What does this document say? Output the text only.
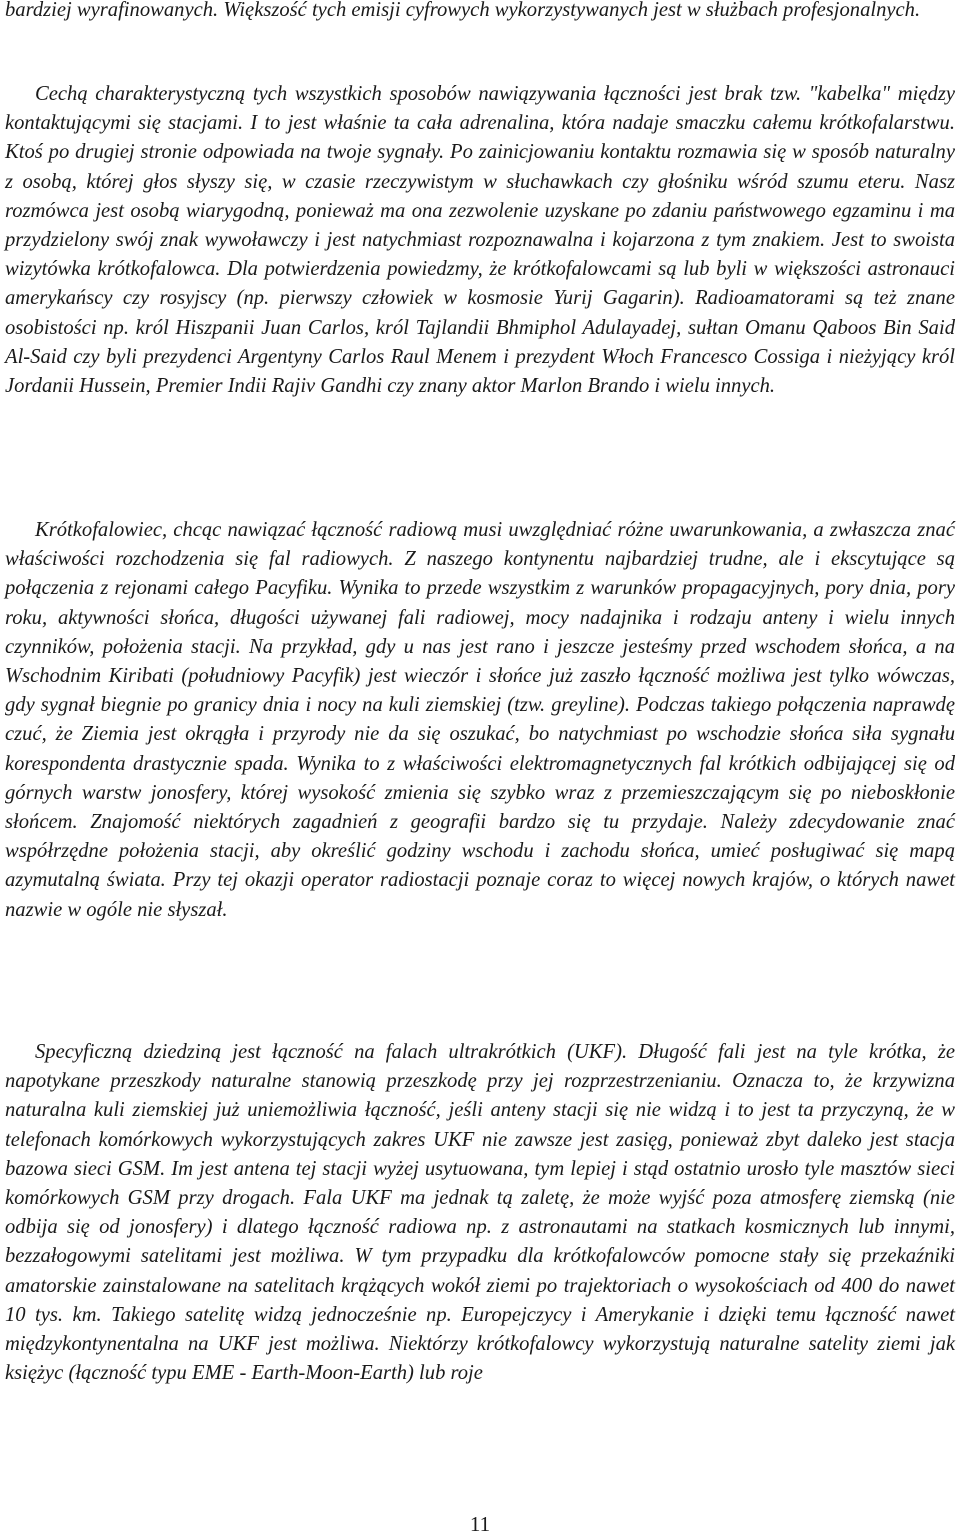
bardziej wyrafinowanych. Większość tych emisji cyfrowych wykorzystywanych jest w służbach profesjonalnych.

Cechą charakterystyczną tych wszystkich sposobów nawiązywania łączności jest brak tzw. "kabelka" między kontaktującymi się stacjami. I to jest właśnie ta cała adrenalina, która nadaje smaczku całemu krótkofalarstwu. Ktoś po drugiej stronie odpowiada na twoje sygnały. Po zainicjowaniu kontaktu rozmawia się w sposób naturalny z osobą, której głos słyszy się, w czasie rzeczywistym w słuchawkach czy głośniku wśród szumu eteru. Nasz rozmówca jest osobą wiarygodną, ponieważ ma ona zezwolenie uzyskane po zdaniu państwowego egzaminu i ma przydzielony swój znak wywoławczy i jest natychmiast rozpoznawalna i kojarzona z tym znakiem. Jest to swoista wizytówka krótkofalowca. Dla potwierdzenia powiedzmy, że krótkofalowcami są lub byli w większości astronauci amerykańscy czy rosyjscy (np. pierwszy człowiek w kosmosie Yurij Gagarin). Radioamatorami są też znane osobistości np. król Hiszpanii Juan Carlos, król Tajlandii Bhmiphol Adulayadej, sułtan Omanu Qaboos Bin Said Al-Said czy byli prezydenci Argentyny Carlos Raul Menem i prezydent Włoch Francesco Cossiga i nieżyjący król Jordanii Hussein, Premier Indii Rajiv Gandhi czy znany aktor Marlon Brando i wielu innych.

Krótkofalowiec, chcąc nawiązać łączność radiową musi uwzględniać różne uwarunkowania, a zwłaszcza znać właściwości rozchodzenia się fal radiowych. Z naszego kontynentu najbardziej trudne, ale i ekscytujące są połączenia z rejonami całego Pacyfiku. Wynika to przede wszystkim z warunków propagacyjnych, pory dnia, pory roku, aktywności słońca, długości używanej fali radiowej, mocy nadajnika i rodzaju anteny i wielu innych czynników, położenia stacji. Na przykład, gdy u nas jest rano i jeszcze jesteśmy przed wschodem słońca, a na Wschodnim Kiribati (południowy Pacyfik) jest wieczór i słońce już zaszło łączność możliwa jest tylko wówczas, gdy sygnał biegnie po granicy dnia i nocy na kuli ziemskiej (tzw. greyline). Podczas takiego połączenia naprawdę czuć, że Ziemia jest okrągła i przyrody nie da się oszukać, bo natychmiast po wschodzie słońca siła sygnału korespondenta drastycznie spada. Wynika to z właściwości elektromagnetycznych fal krótkich odbijającej się od górnych warstw jonosfery, której wysokość zmienia się szybko wraz z przemieszczającym się po nieboskłonie słońcem. Znajomość niektórych zagadnień z geografii bardzo się tu przydaje. Należy zdecydowanie znać współrzędne położenia stacji, aby określić godziny wschodu i zachodu słońca, umieć posługiwać się mapą azymutalną świata. Przy tej okazji operator radiostacji poznaje coraz to więcej nowych krajów, o których nawet nazwie w ogóle nie słyszał.

Specyficzną dziedziną jest łączność na falach ultrakrótkich (UKF). Długość fali jest na tyle krótka, że napotykane przeszkody naturalne stanowią przeszkodę przy jej rozprzestrzenianiu. Oznacza to, że krzywizna naturalna kuli ziemskiej już uniemożliwia łączność, jeśli anteny stacji się nie widzą i to jest ta przyczyną, że w telefonach komórkowych wykorzystujących zakres UKF nie zawsze jest zasięg, ponieważ zbyt daleko jest stacja bazowa sieci GSM. Im jest antena tej stacji wyżej usytuowana, tym lepiej i stąd ostatnio urosło tyle masztów sieci komórkowych GSM przy drogach. Fala UKF ma jednak tą zaletę, że może wyjść poza atmosferę ziemską (nie odbija się od jonosfery) i dlatego łączność radiowa np. z astronautami na statkach kosmicznych lub innymi, bezzałogowymi satelitami jest możliwa. W tym przypadku dla krótkofalowców pomocne stały się przekaźniki amatorskie zainstalowane na satelitach krążących wokół ziemi po trajektoriach o wysokościach od 400 do nawet 10 tys. km. Takiego satelitę widzą jednocześnie np. Europejczycy i Amerykanie i dzięki temu łączność nawet międzykontynentalna na UKF jest możliwa. Niektórzy krótkofalowcy wykorzystują naturalne satelity ziemi jak księżyc (łączność typu EME - Earth-Moon-Earth) lub roje

11
